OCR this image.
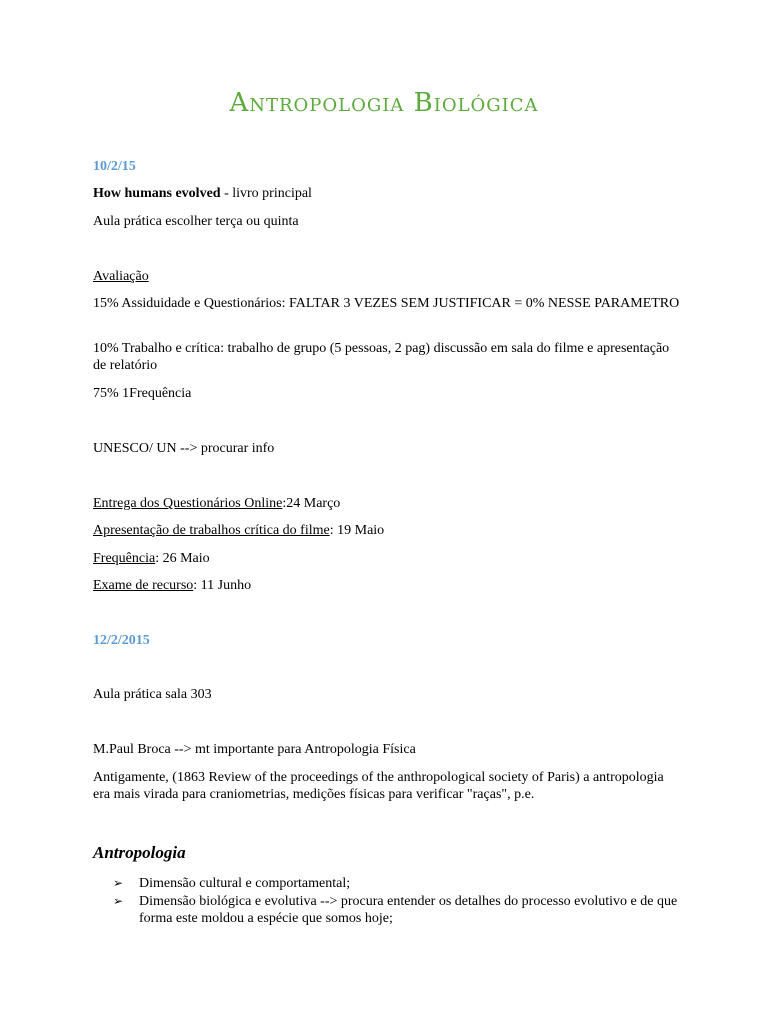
Antropologia Biológica
10/2/15
How humans evolved - livro principal
Aula prática escolher terça ou quinta
Avaliação
15% Assiduidade e Questionários: FALTAR 3 VEZES SEM JUSTIFICAR = 0% NESSE PARAMETRO
10% Trabalho e crítica: trabalho de grupo (5 pessoas, 2 pag) discussão em sala do filme e apresentação de relatório
75% 1Frequência
UNESCO/ UN --> procurar info
Entrega dos Questionários Online:24 Março
Apresentação de trabalhos crítica do filme: 19 Maio
Frequência: 26 Maio
Exame de recurso: 11 Junho
12/2/2015
Aula prática sala 303
M.Paul Broca --> mt importante para Antropologia Física
Antigamente, (1863 Review of the proceedings of the anthropological society of Paris) a antropologia era mais virada para craniometrias, medições físicas para verificar "raças", p.e.
Antropologia
➢ Dimensão cultural e comportamental;
➢ Dimensão biológica e evolutiva --> procura entender os detalhes do processo evolutivo e de que forma este moldou a espécie que somos hoje;
